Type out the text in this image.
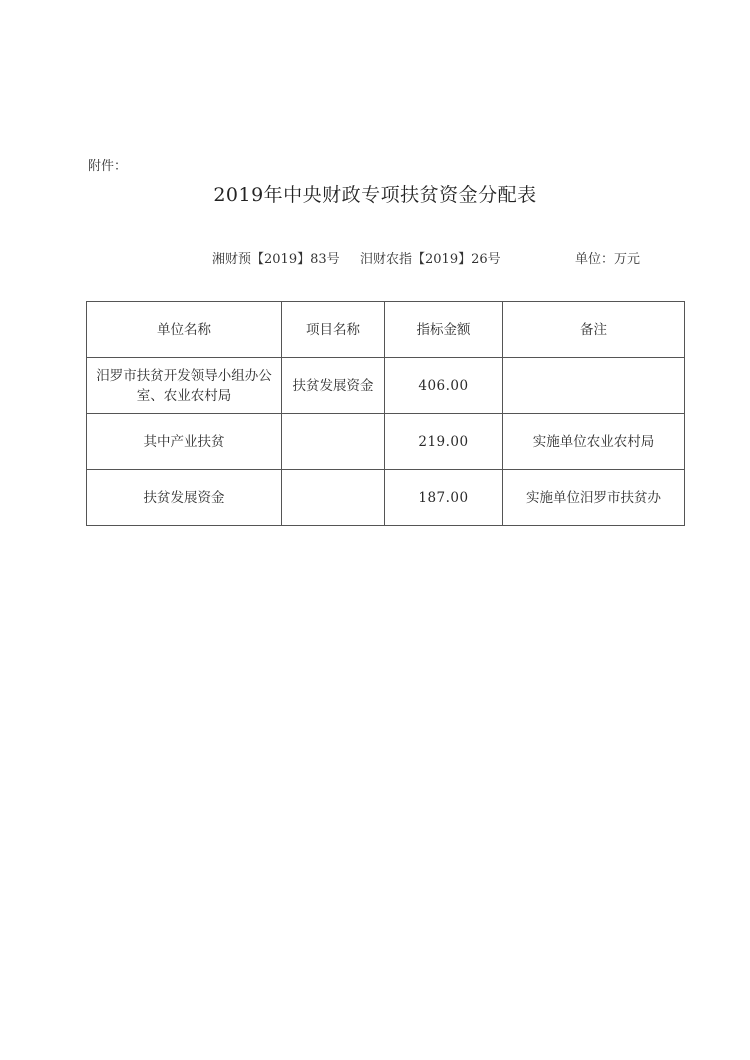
附件：
2019年中央财政专项扶贫资金分配表
湘财预【2019】83号 汨财农指【2019】26号	单位：万元
单位名称	项目名称	指标金额	备注
汨罗市扶贫开发领导小组办公室、农业农村局	扶贫发展资金	406.00	
其中产业扶贫		219.00	实施单位农业农村局
扶贫发展资金		187.00	实施单位汨罗市扶贫办
